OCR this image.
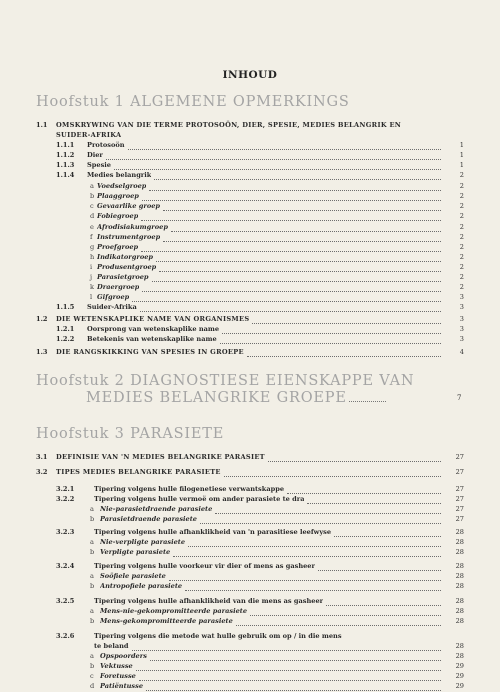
INHOUD
Hoofstuk 1 ALGEMENE OPMERKINGS
Hoofstuk 2 DIAGNOSTIESE EIENSKAPPE VAN
MEDIES BELANGRIKE GROEPE	7
Hoofstuk 3 PARASIETE
1.1 OMSKRYWING VAN DIE TERME PROTOSOÖN, DIER, SPESIE, MEDIES BELANGRIK EN
SUIDER-AFRIKA
1.1.1 Protosoön	1
1.1.2 Dier	1
1.1.3 Spesie	1
1.1.4 Medies belangrik	2
a Voedselgroep	2
b Plaaggroep	2
c Gevaarlike groep	2
d Fobiegroep	2
e Afrodisiakumgroep	2
f Instrumentgroep	2
g Proefgroep	2
h Indikatorgroep	2
i Produsentgroep	2
j Parasietgroep	2
k Draergroep	2
l Gifgroep	3
1.1.5 Suider-Afrika	3
1.2 DIE WETENSKAPLIKE NAME VAN ORGANISMES	3
1.2.1 Oorsprong van wetenskaplike name	3
1.2.2 Betekenis van wetenskaplike name	3
1.3 DIE RANGSKIKKING VAN SPESIES IN GROEPE	4
3.1 DEFINISIE VAN 'N MEDIES BELANGRIKE PARASIET	27
3.2 TIPES MEDIES BELANGRIKE PARASIETE	27
3.2.1	Tipering volgens hulle filogenetiese verwantskappe	27
3.2.2	Tipering volgens hulle vermoë om ander parasiete te dra	27
a Nie-parasietdraende parasiete	27
b Parasietdraende parasiete	27
3.2.3	Tipering volgens hulle afhanklikheid van 'n parasitiese leefwyse	28
a Nie-verpligte parasiete	28
b Verpligte parasiete	28
3.2.4	Tipering volgens hulle voorkeur vir dier of mens as gasheer	28
a Soöfiele parasiete	28
b Antropofiele parasiete	28
3.2.5	Tipering volgens hulle afhanklikheid van die mens as gasheer	28
a Mens-nie-gekompromitteerde parasiete	28
b Mens-gekompromitteerde parasiete	28
3.2.6	Tipering volgens die metode wat hulle gebruik om op / in die mens
te beland	28
a Opspoorders	28
b Vektusse	29
c Foretusse	29
d Patiëntusse	29
